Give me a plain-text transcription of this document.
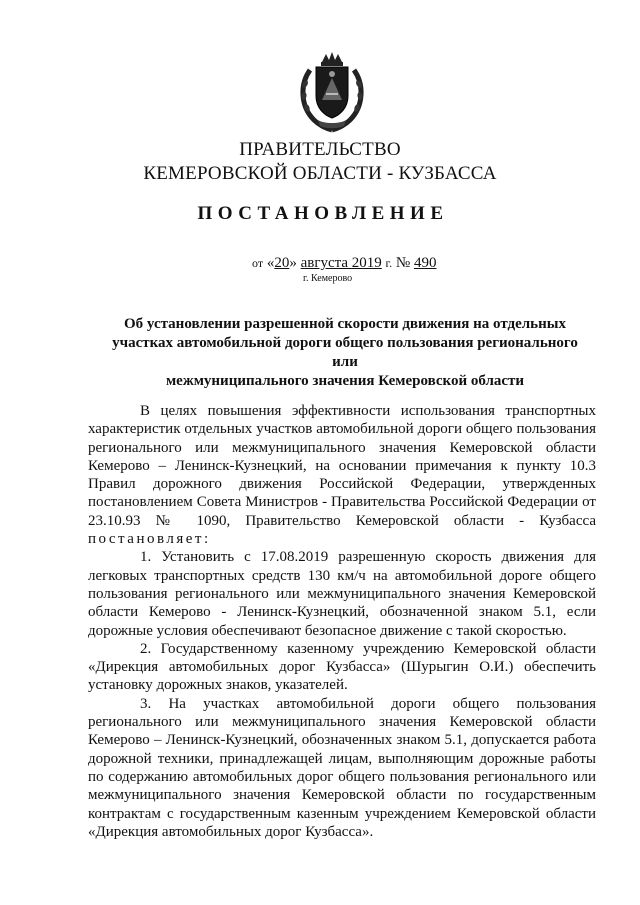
ПРАВИТЕЛЬСТВО
КЕМЕРОВСКОЙ ОБЛАСТИ - КУЗБАССА
ПОСТАНОВЛЕНИЕ
от «20» августа 2019 г. № 490
г. Кемерово
Об установлении разрешенной скорости движения на отдельных
участках автомобильной дороги общего пользования регионального или
межмуниципального значения Кемеровской области

В целях повышения эффективности использования транспортных характеристик отдельных участков автомобильной дороги общего пользования регионального или межмуниципального значения Кемеровской области Кемерово – Ленинск-Кузнецкий, на основании примечания к пункту 10.3 Правил дорожного движения Российской Федерации, утвержденных постановлением Совета Министров - Правительства Российской Федерации от 23.10.93 № 1090, Правительство Кемеровской области - Кузбасса постановляет:

1. Установить с 17.08.2019 разрешенную скорость движения для легковых транспортных средств 130 км/ч на автомобильной дороге общего пользования регионального или межмуниципального значения Кемеровской области Кемерово - Ленинск-Кузнецкий, обозначенной знаком 5.1, если дорожные условия обеспечивают безопасное движение с такой скоростью.

2. Государственному казенному учреждению Кемеровской области «Дирекция автомобильных дорог Кузбасса» (Шурыгин О.И.) обеспечить установку дорожных знаков, указателей.

3. На участках автомобильной дороги общего пользования регионального или межмуниципального значения Кемеровской области Кемерово – Ленинск-Кузнецкий, обозначенных знаком 5.1, допускается работа дорожной техники, принадлежащей лицам, выполняющим дорожные работы по содержанию автомобильных дорог общего пользования регионального или межмуниципального значения Кемеровской области по государственным контрактам с государственным казенным учреждением Кемеровской области «Дирекция автомобильных дорог Кузбасса».
